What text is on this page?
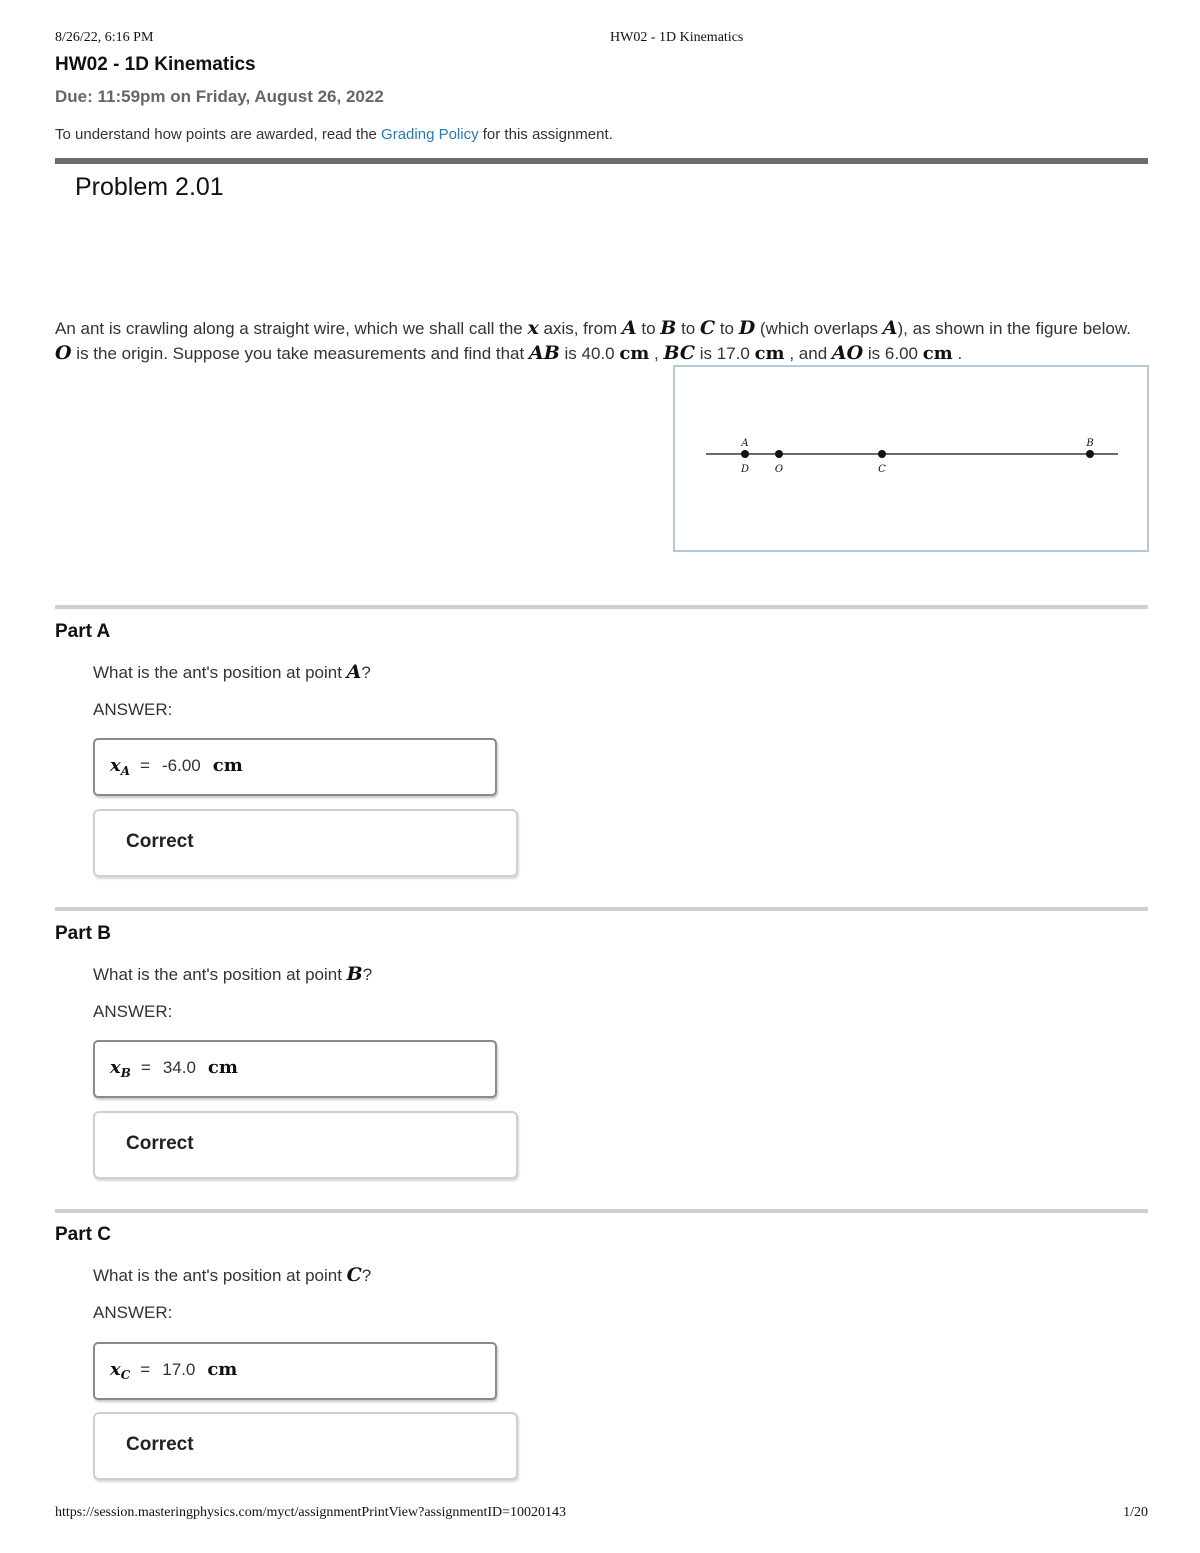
8/26/22, 6:16 PM	HW02 - 1D Kinematics
HW02 - 1D Kinematics
Due: 11:59pm on Friday, August 26, 2022
To understand how points are awarded, read the Grading Policy for this assignment.
Problem 2.01
An ant is crawling along a straight wire, which we shall call the x axis, from A to B to C to D (which overlaps A), as shown in the figure below. O is the origin. Suppose you take measurements and find that AB is 40.0 cm , BC is 17.0 cm , and AO is 6.00 cm .
A	B
D	O	C
Part A
What is the ant's position at point A?
ANSWER:
$x_A = -6.00$ cm
Correct
Part B
What is the ant's position at point B?
ANSWER:
$x_B = 34.0$ cm
Correct
Part C
What is the ant's position at point C?
ANSWER:
$x_C = 17.0$ cm
Correct
https://session.masteringphysics.com/myct/assignmentPrintView?assignmentID=10020143	1/20
